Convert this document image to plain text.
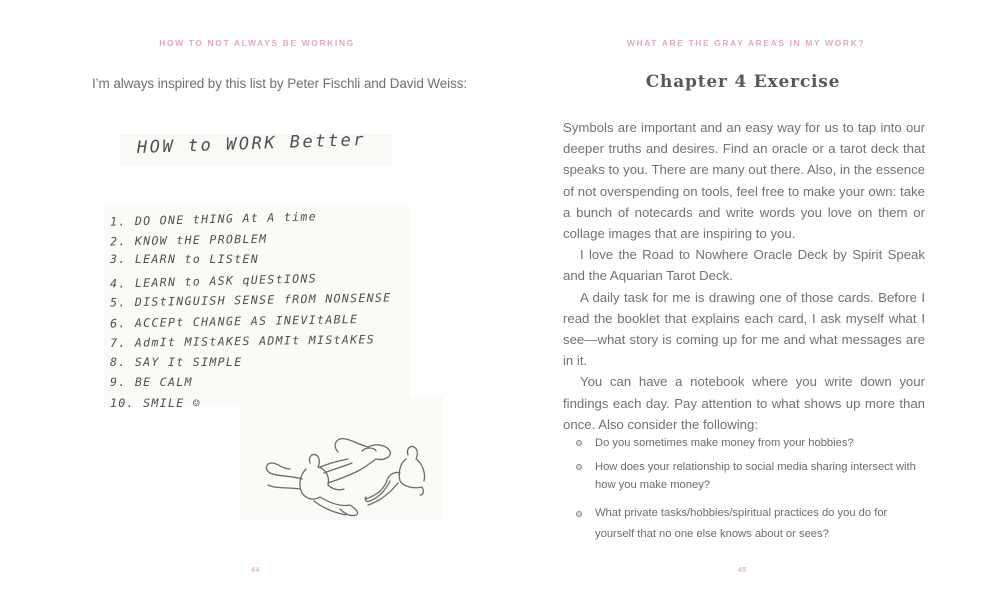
HOW TO NOT ALWAYS BE WORKING
I’m always inspired by this list by Peter Fischli and David Weiss:
HOW to WORK Better
1. DO ONE tHING At A time
2. KNOW tHE PROBLEM
3. LEARN to LIStEN
4. LEARN to ASK qUEStIONS
5. DIStINGUISH SENSE fROM NONSENSE
6. ACCEPt CHANGE AS INEVItABLE
7. AdmIt MIStAKES ADMIt MIStAKES
8. SAY It SIMPLE
9. BE CALM
10. SMILE ☺
44
WHAT ARE THE GRAY AREAS IN MY WORK?
Chapter 4 Exercise

Symbols are important and an easy way for us to tap into our deeper truths and desires. Find an oracle or a tarot deck that speaks to you. There are many out there. Also, in the essence of not overspending on tools, feel free to make your own: take a bunch of notecards and write words you love on them or collage images that are inspiring to you.

I love the Road to Nowhere Oracle Deck by Spirit Speak and the Aquarian Tarot Deck.

A daily task for me is drawing one of those cards. Before I read the booklet that explains each card, I ask myself what I see—what story is coming up for me and what messages are in it.

You can have a notebook where you write down your findings each day. Pay attention to what shows up more than once. Also consider the following:

Do you sometimes make money from your hobbies?
How does your relationship to social media sharing intersect with how you make money?
What private tasks/hobbies/spiritual practices do you do for yourself that no one else knows about or sees?
45
